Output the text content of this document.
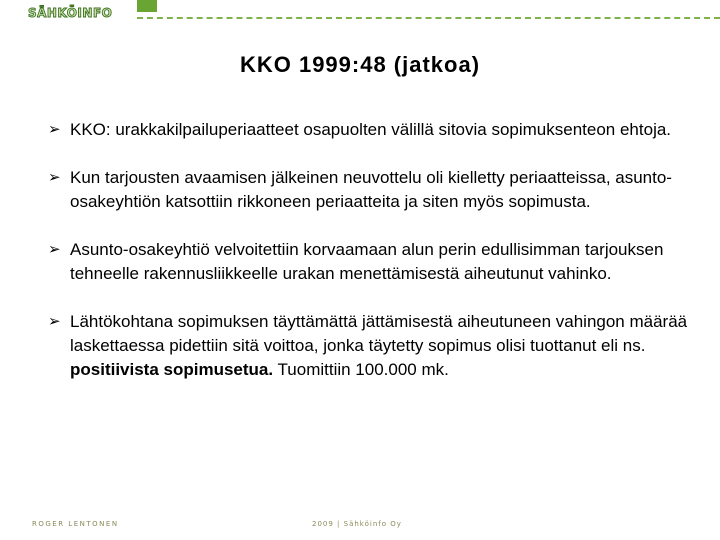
SÄHKÖINFO
KKO 1999:48 (jatkoa)
➢ KKO: urakkakilpailuperiaatteet osapuolten välillä sitovia sopimuksenteon ehtoja.
➢ Kun tarjousten avaamisen jälkeinen neuvottelu oli kielletty periaatteissa, asunto-osakeyhtiön katsottiin rikkoneen periaatteita ja siten myös sopimusta.
➢ Asunto-osakeyhtiö velvoitettiin korvaamaan alun perin edullisimman tarjouksen tehneelle rakennusliikkeelle urakan menettämisestä aiheutunut vahinko.
➢ Lähtökohtana sopimuksen täyttämättä jättämisestä aiheutuneen vahingon määrää laskettaessa pidettiin sitä voittoa, jonka täytetty sopimus olisi tuottanut eli ns. positiivista sopimusetua. Tuomittiin 100.000 mk.
ROGER LENTONEN	2009 | Sähköinfo Oy
